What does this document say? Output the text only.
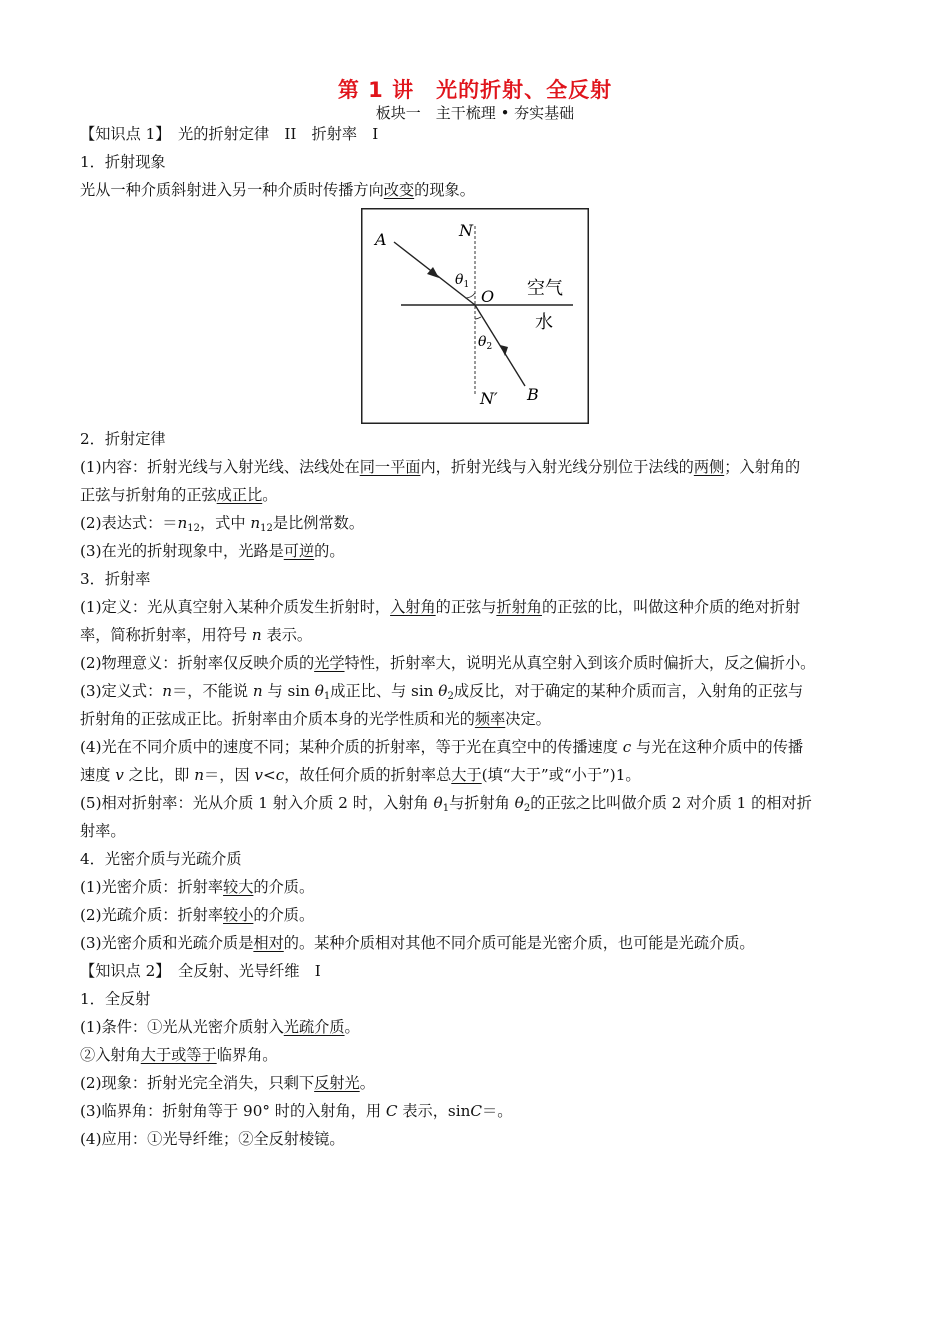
第 1 讲　光的折射、全反射
板块一　主干梳理 • 夯实基础
【知识点 1】　光的折射定律　II　折射率　I
1．折射现象
光从一种介质斜射进入另一种介质时传播方向改变的现象。
A	N
$\theta_1$
O 空气
水
$\theta_2$
N′ B
2．折射定律
(1)内容：折射光线与入射光线、法线处在同一平面内，折射光线与入射光线分别位于法线的两侧；入射角的
正弦与折射角的正弦成正比。
(2)表达式：$=n_{12}$，式中 $n_{12}$是比例常数。
(3)在光的折射现象中，光路是可逆的。
3．折射率
(1)定义：光从真空射入某种介质发生折射时，入射角的正弦与折射角的正弦的比，叫做这种介质的绝对折射
率，简称折射率，用符号 n 表示。
(2)物理意义：折射率仅反映介质的光学特性，折射率大，说明光从真空射入到该介质时偏折大，反之偏折小。
(3)定义式：n＝，不能说 n 与 $\sin \theta_1$成正比、与 $\sin \theta_2$成反比，对于确定的某种介质而言，入射角的正弦与
折射角的正弦成正比。折射率由介质本身的光学性质和光的频率决定。
(4)光在不同介质中的速度不同；某种介质的折射率，等于光在真空中的传播速度 c 与光在这种介质中的传播
速度 v 之比，即 n＝，因 v<c，故任何介质的折射率总大于(填“大于”或“小于”)1。
(5)相对折射率：光从介质 1 射入介质 2 时，入射角 $\theta_1$与折射角 $\theta_2$的正弦之比叫做介质 2 对介质 1 的相对折
射率。
4．光密介质与光疏介质
(1)光密介质：折射率较大的介质。
(2)光疏介质：折射率较小的介质。
(3)光密介质和光疏介质是相对的。某种介质相对其他不同介质可能是光密介质，也可能是光疏介质。
【知识点 2】　全反射、光导纤维　I
1．全反射
(1)条件：①光从光密介质射入光疏介质。
②入射角大于或等于临界角。
(2)现象：折射光完全消失，只剩下反射光。
(3)临界角：折射角等于 90° 时的入射角，用 C 表示，sinC＝。
(4)应用：①光导纤维；②全反射棱镜。
